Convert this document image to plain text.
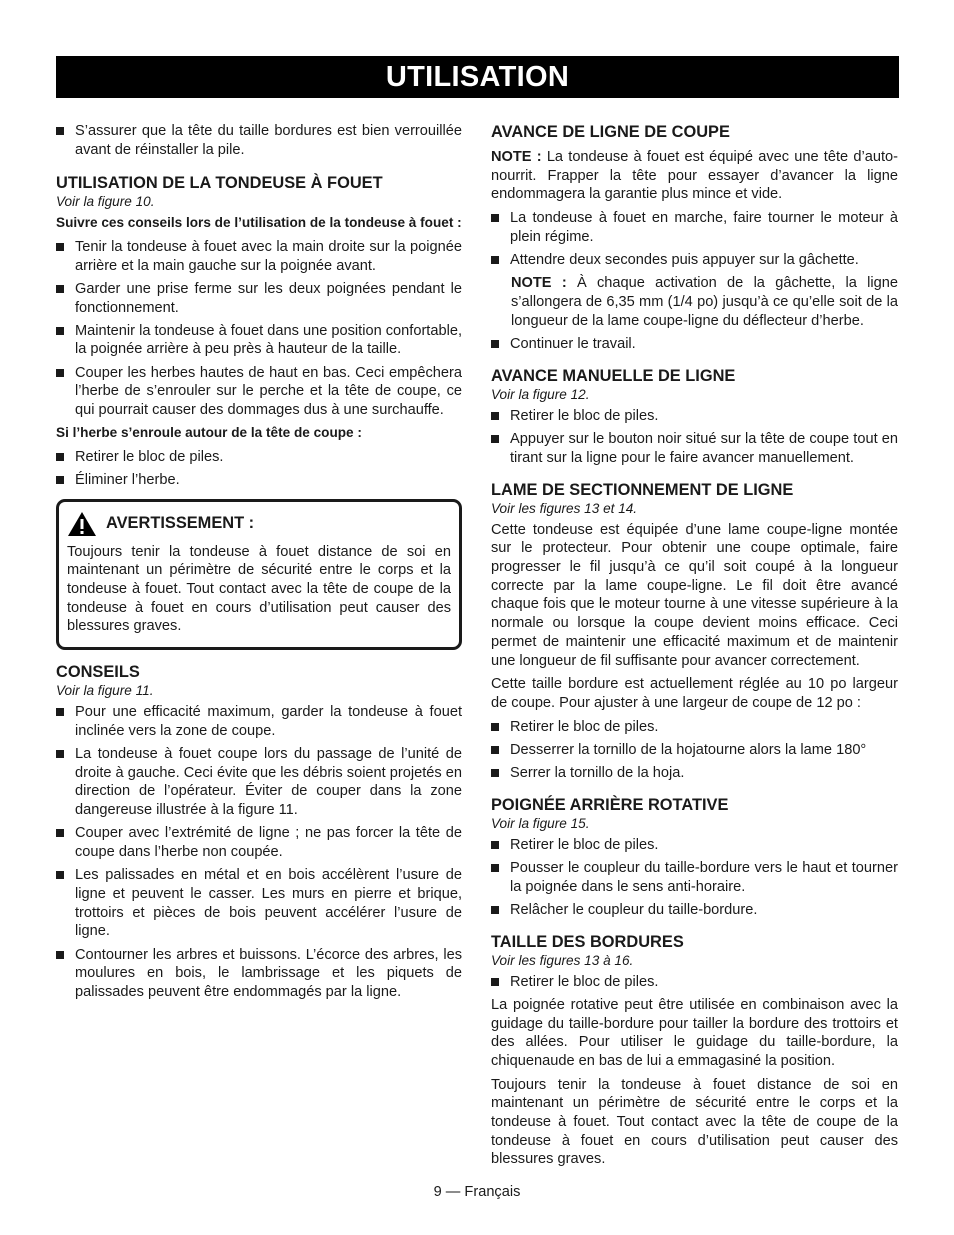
UTILISATION
S’assurer que la tête du taille bordures est bien verrouillée avant de réinstaller la pile.
UTILISATION DE LA TONDEUSE À FOUET
Voir la figure 10.
Suivre ces conseils lors de l’utilisation de la tondeuse à fouet :
Tenir la tondeuse à fouet avec la main droite sur la poignée arrière et la main gauche sur la poignée avant.
Garder une prise ferme sur les deux poignées pendant le fonctionnement.
Maintenir la tondeuse à fouet dans une position confortable, la poignée arrière à peu près à hauteur de la taille.
Couper les herbes hautes de haut en bas. Ceci empêchera l’herbe de s’enrouler sur le perche et la tête de coupe, ce qui pourrait causer des dommages dus à une surchauffe.
Si l’herbe s’enroule autour de la tête de coupe :
Retirer le bloc de piles.
Éliminer l’herbe.
AVERTISSEMENT :
Toujours tenir la tondeuse à fouet distance de soi en maintenant un périmètre de sécurité entre le corps et la tondeuse à fouet. Tout contact avec la tête de coupe de la tondeuse à fouet en cours d’utilisation peut causer des blessures graves.
CONSEILS
Voir la figure 11.
Pour une efficacité maximum, garder la tondeuse à fouet inclinée vers la zone de coupe.
La tondeuse à fouet coupe lors du passage de l’unité de droite à gauche. Ceci évite que les débris soient projetés en direction de l’opérateur. Éviter de couper dans la zone dangereuse illustrée à la figure 11.
Couper avec l’extrémité de ligne ; ne pas forcer la tête de coupe dans l’herbe non coupée.
Les palissades en métal et en bois accélèrent l’usure de ligne et peuvent le casser. Les murs en pierre et brique, trottoirs et pièces de bois peuvent accélérer l’usure de ligne.
Contourner les arbres et buissons. L’écorce des arbres, les moulures en bois, le lambrissage et les piquets de palissades peuvent être endommagés par la ligne.
AVANCE DE LIGNE DE COUPE
NOTE : La tondeuse à fouet est équipé avec une tête d’auto-nourrit. Frapper la tête pour essayer d’avancer la ligne endommagera la garantie plus mince et vide.
La tondeuse à fouet en marche, faire tourner le moteur à plein régime.
Attendre deux secondes puis appuyer sur la gâchette.
NOTE : À chaque activation de la gâchette, la ligne s’allongera de 6,35 mm (1/4 po) jusqu’à ce qu’elle soit de la longueur de la lame coupe-ligne du déflecteur d’herbe.
Continuer le travail.
AVANCE MANUELLE DE LIGNE
Voir la figure 12.
Retirer le bloc de piles.
Appuyer sur le bouton noir situé sur la tête de coupe tout en tirant sur la ligne pour le faire avancer manuellement.
LAME DE SECTIONNEMENT DE LIGNE
Voir les figures 13 et 14.
Cette tondeuse est équipée d’une lame coupe-ligne montée sur le protecteur. Pour obtenir une coupe optimale, faire progresser le fil jusqu’à ce qu’il soit coupé à la longueur correcte par la lame coupe-ligne. Le fil doit être avancé chaque fois que le moteur tourne à une vitesse supérieure à la normale ou lorsque la coupe devient moins efficace. Ceci permet de maintenir une efficacité maximum et de maintenir une longueur de fil suffisante pour avancer correctement.
Cette taille bordure est actuellement réglée au 10 po largeur de coupe. Pour ajuster à une largeur de coupe de 12 po :
Retirer le bloc de piles.
Desserrer la tornillo de la hojatourne alors la lame 180°
Serrer la tornillo de la hoja.
POIGNÉE ARRIÈRE ROTATIVE
Voir la figure 15.
Retirer le bloc de piles.
Pousser le coupleur du taille-bordure vers le haut et tourner la poignée dans le sens anti-horaire.
Relâcher le coupleur du taille-bordure.
TAILLE DES BORDURES
Voir les figures 13 à 16.
Retirer le bloc de piles.
La poignée rotative peut être utilisée en combinaison avec la guidage du taille-bordure pour tailler la bordure des trottoirs et des allées. Pour utiliser le guidage du taille-bordure, la chiquenaude en bas de lui a emmagasiné la position.
Toujours tenir la tondeuse à fouet distance de soi en maintenant un périmètre de sécurité entre le corps et la tondeuse à fouet. Tout contact avec la tête de coupe de la tondeuse à fouet en cours d’utilisation peut causer des blessures graves.
9 — Français
